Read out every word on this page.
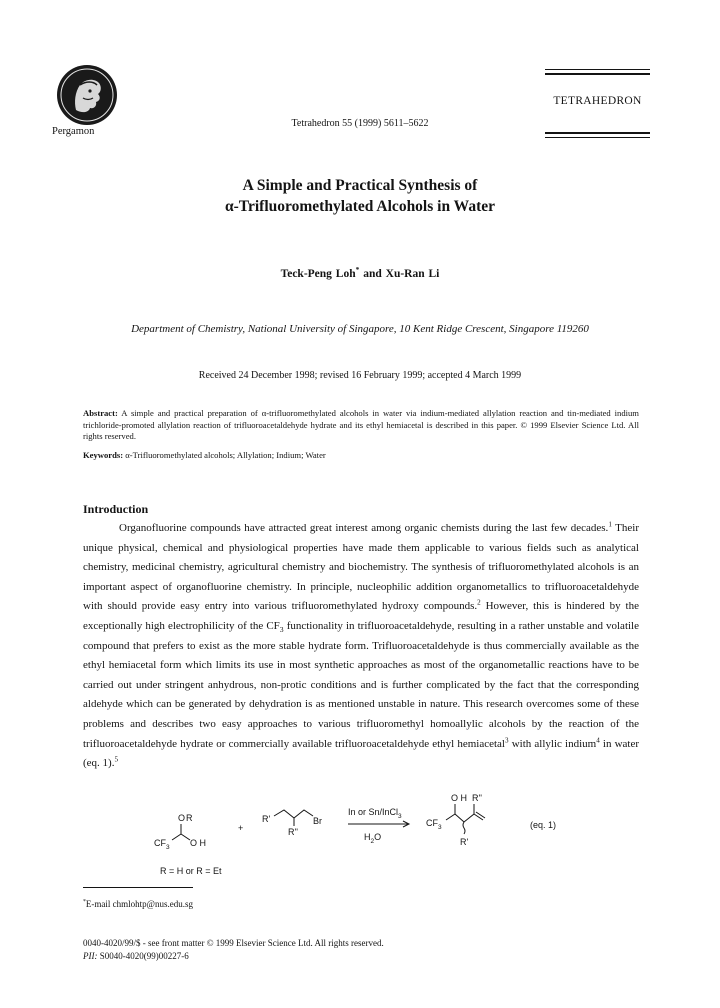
Pergamon
Tetrahedron 55 (1999) 5611–5622
TETRAHEDRON
A Simple and Practical Synthesis of
α-Trifluoromethylated Alcohols in Water
Teck-Peng Loh* and Xu-Ran Li
Department of Chemistry, National University of Singapore, 10 Kent Ridge Crescent, Singapore 119260
Received 24 December 1998; revised 16 February 1999; accepted 4 March 1999
Abstract: A simple and practical preparation of α-trifluoromethylated alcohols in water via indium-mediated allylation reaction and tin-mediated indium trichloride-promoted allylation reaction of trifluoroacetaldehyde hydrate and its ethyl hemiacetal is described in this paper. © 1999 Elsevier Science Ltd. All rights reserved.
Keywords: α-Trifluoromethylated alcohols; Allylation; Indium; Water
Introduction

Organofluorine compounds have attracted great interest among organic chemists during the last few decades.$^1$ Their unique physical, chemical and physiological properties have made them applicable to various fields such as analytical chemistry, medicinal chemistry, agricultural chemistry and biochemistry. The synthesis of trifluoromethylated alcohols is an important aspect of organofluorine chemistry. In principle, nucleophilic addition organometallics to trifluoroacetaldehyde with should provide easy entry into various trifluoromethylated hydroxy compounds.$^2$ However, this is hindered by the exceptionally high electrophilicity of the $CF_3$ functionality in trifluoroacetaldehyde, resulting in a rather unstable and volatile compound that prefers to exist as the more stable hydrate form. Trifluoroacetaldehyde is thus commercially available as the ethyl hemiacetal form which limits its use in most synthetic approaches as most of the organometallic reactions have to be carried out under stringent anhydrous, non-protic conditions and is further complicated by the fact that the corresponding aldehyde which can be generated by dehydration is as mentioned unstable in nature. This research overcomes some of these problems and describes two easy approaches to various trifluoromethyl homoallylic alcohols by the reaction of the trifluoroacetaldehyde hydrate or commercially available trifluoroacetaldehyde ethyl hemiacetal$^3$ with allylic indium$^4$ in water (eq. 1).$^5$

O R
$CF_3$ O H
+
R'	Br
R''
In or Sn/InCl$_3$
$H_2O$
O H R''
$CF_3$
R'
(eq. 1)
R = H or R = Et
*E-mail chmlohtp@nus.edu.sg
0040-4020/99/$ - see front matter © 1999 Elsevier Science Ltd. All rights reserved.
PII: S0040-4020(99)00227-6
